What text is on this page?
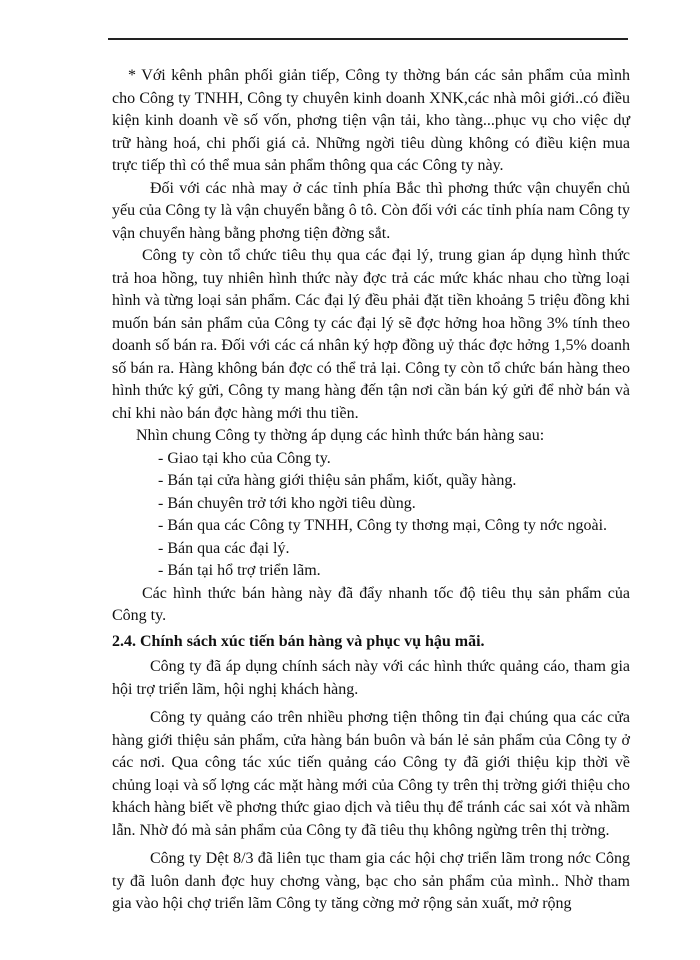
* Với kênh phân phối giản tiếp, Công ty thờng bán các sản phẩm của mình cho Công ty TNHH, Công ty chuyên kinh doanh XNK,các nhà môi giới..có điều kiện kinh doanh về số vốn, phơng tiện vận tải, kho tàng...phục vụ cho việc dự trữ hàng hoá, chi phối giá cả. Những ngời tiêu dùng không có điều kiện mua trực tiếp thì có thể mua sản phẩm thông qua các Công ty này.

Đối với các nhà may ở các tỉnh phía Bắc thì phơng thức vận chuyển chủ yếu của Công ty là vận chuyển bằng ô tô. Còn đối với các tỉnh phía nam Công ty vận chuyển hàng bằng phơng tiện đờng sắt.

Công ty còn tổ chức tiêu thụ qua các đại lý, trung gian áp dụng hình thức trả hoa hồng, tuy nhiên hình thức này đợc trả các mức khác nhau cho từng loại hình và từng loại sản phẩm. Các đại lý đều phải đặt tiền khoảng 5 triệu đồng khi muốn bán sản phẩm của Công ty các đại lý sẽ đợc hởng hoa hồng 3% tính theo doanh số bán ra. Đối với các cá nhân ký hợp đồng uỷ thác đợc hởng 1,5% doanh số bán ra. Hàng không bán đợc có thể trả lại. Công ty còn tổ chức bán hàng theo hình thức ký gửi, Công ty mang hàng đến tận nơi cần bán ký gửi để nhờ bán và chỉ khi nào bán đợc hàng mới thu tiền.

Nhìn chung Công ty thờng áp dụng các hình thức bán hàng sau:

- Giao tại kho của Công ty.
- Bán tại cửa hàng giới thiệu sản phẩm, kiốt, quầy hàng.
- Bán chuyên trở tới kho ngời tiêu dùng.
- Bán qua các Công ty TNHH, Công ty thơng mại, Công ty nớc ngoài.
- Bán qua các đại lý.
- Bán tại hổ trợ triển lãm.

Các hình thức bán hàng này đã đẩy nhanh tốc độ tiêu thụ sản phẩm của Công ty.

2.4. Chính sách xúc tiến bán hàng và phục vụ hậu mãi.

Công ty đã áp dụng chính sách này với các hình thức quảng cáo, tham gia hội trợ triển lãm, hội nghị khách hàng.

Công ty quảng cáo trên nhiều phơng tiện thông tin đại chúng qua các cửa hàng giới thiệu sản phẩm, cửa hàng bán buôn và bán lẻ sản phẩm của Công ty ở các nơi. Qua công tác xúc tiến quảng cáo Công ty đã giới thiệu kịp thời về chủng loại và số lợng các mặt hàng mới của Công ty trên thị trờng giới thiệu cho khách hàng biết về phơng thức giao dịch và tiêu thụ để tránh các sai xót và nhầm lẫn. Nhờ đó mà sản phẩm của Công ty đã tiêu thụ không ngừng trên thị trờng.

Công ty Dệt 8/3 đã liên tục tham gia các hội chợ triển lãm trong nớc Công ty đã luôn danh đợc huy chơng vàng, bạc cho sản phẩm của mình.. Nhờ tham gia vào hội chợ triển lãm Công ty tăng cờng mở rộng sản xuất, mở rộng
